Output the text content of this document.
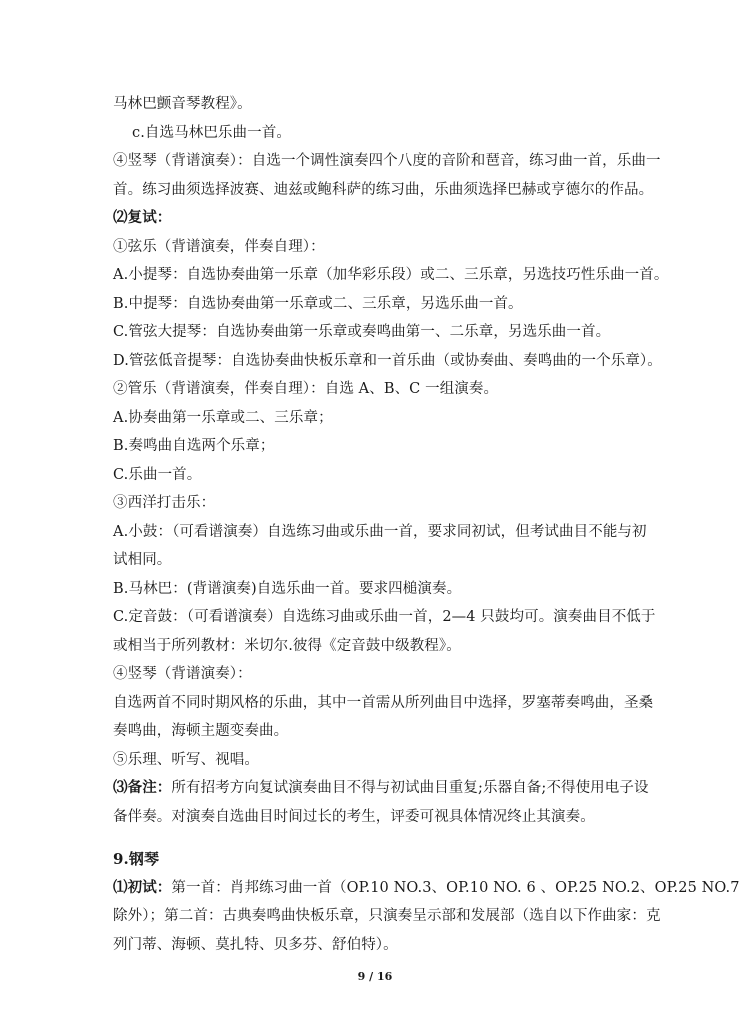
马林巴颤音琴教程》。
c.自选马林巴乐曲一首。
④竖琴（背谱演奏）：自选一个调性演奏四个八度的音阶和琶音，练习曲一首，乐曲一
首。练习曲须选择波赛、迪兹或鲍科萨的练习曲，乐曲须选择巴赫或亨德尔的作品。
⑵复试：
①弦乐（背谱演奏，伴奏自理）：
A.小提琴：自选协奏曲第一乐章（加华彩乐段）或二、三乐章，另选技巧性乐曲一首。
B.中提琴：自选协奏曲第一乐章或二、三乐章，另选乐曲一首。
C.管弦大提琴：自选协奏曲第一乐章或奏鸣曲第一、二乐章，另选乐曲一首。
D.管弦低音提琴：自选协奏曲快板乐章和一首乐曲（或协奏曲、奏鸣曲的一个乐章）。
②管乐（背谱演奏，伴奏自理）：自选 A、B、C 一组演奏。
A.协奏曲第一乐章或二、三乐章；
B.奏鸣曲自选两个乐章；
C.乐曲一首。
③西洋打击乐：
A.小鼓：（可看谱演奏）自选练习曲或乐曲一首，要求同初试，但考试曲目不能与初
试相同。
B.马林巴：(背谱演奏)自选乐曲一首。要求四槌演奏。
C.定音鼓：（可看谱演奏）自选练习曲或乐曲一首，2—4 只鼓均可。演奏曲目不低于
或相当于所列教材：米切尔.彼得《定音鼓中级教程》。
④竖琴（背谱演奏）：
自选两首不同时期风格的乐曲，其中一首需从所列曲目中选择，罗塞蒂奏鸣曲，圣桑
奏鸣曲，海顿主题变奏曲。
⑤乐理、听写、视唱。
⑶备注：所有招考方向复试演奏曲目不得与初试曲目重复;乐器自备;不得使用电子设
备伴奏。对演奏自选曲目时间过长的考生，评委可视具体情况终止其演奏。
9.钢琴
⑴初试：第一首：肖邦练习曲一首（OP.10 NO.3、OP.10 NO. 6 、OP.25 NO.2、OP.25 NO.7
除外）；第二首：古典奏鸣曲快板乐章，只演奏呈示部和发展部（选自以下作曲家：克
列门蒂、海顿、莫扎特、贝多芬、舒伯特）。
9 / 16
